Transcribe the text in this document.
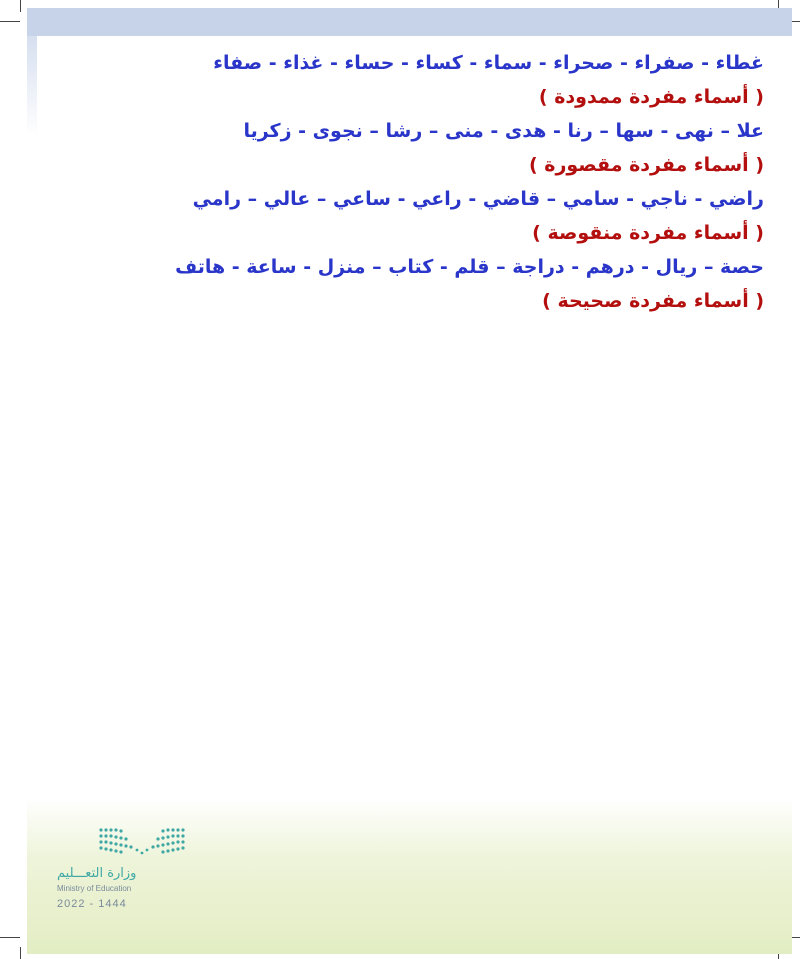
غطاء - صفراء - صحراء - سماء - كساء - حساء - غذاء - صفاء
( أسماء مفردة ممدودة )
علا – نهى - سها – رنا - هدى - منى – رشا – نجوى - زكريا
( أسماء مفردة مقصورة )
راضي - ناجي - سامي – قاضي - راعي - ساعي – عالي – رامي
( أسماء مفردة منقوصة )
حصة – ريال - درهم - دراجة – قلم - كتاب – منزل - ساعة - هاتف
( أسماء مفردة صحيحة )
وزارة التعـــليم
Ministry of Education
2022 - 1444
